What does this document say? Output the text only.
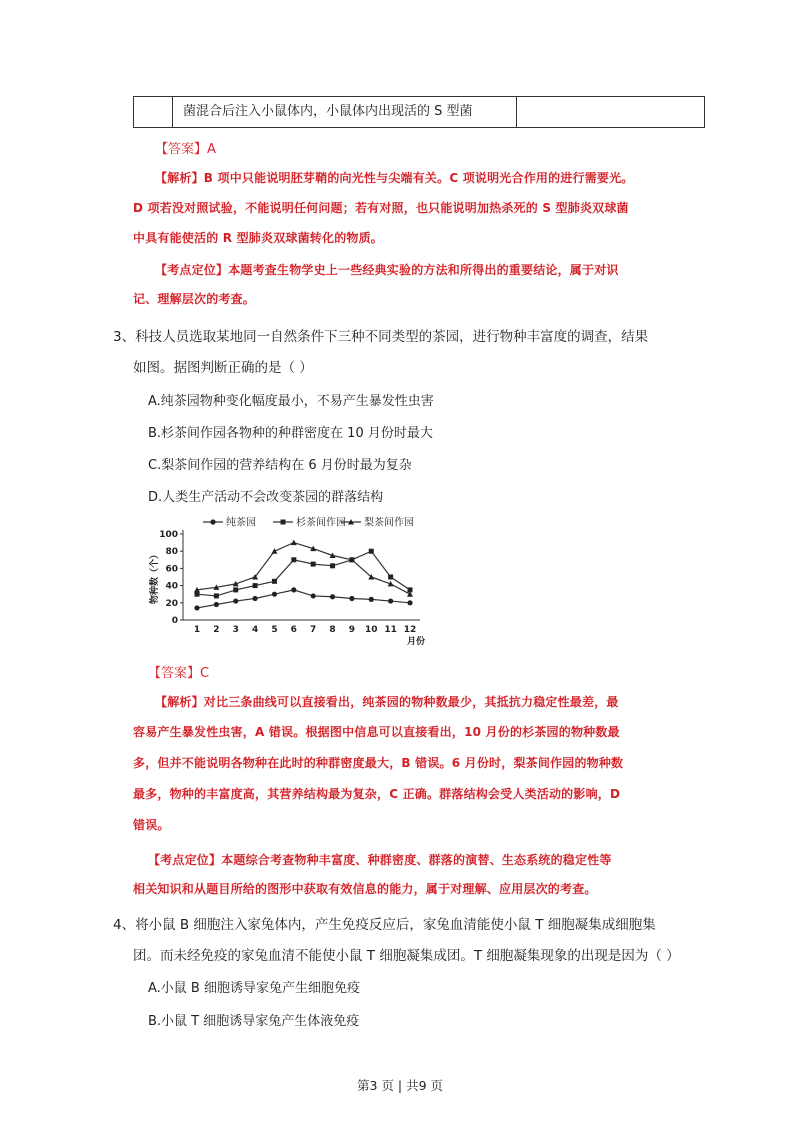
菌混合后注入小鼠体内，小鼠体内出现活的 S 型菌
【答案】A
【解析】B 项中只能说明胚芽鞘的向光性与尖端有关。C 项说明光合作用的进行需要光。
D 项若没对照试验，不能说明任何问题；若有对照，也只能说明加热杀死的 S 型肺炎双球菌
中具有能使活的 R 型肺炎双球菌转化的物质。
【考点定位】本题考查生物学史上一些经典实验的方法和所得出的重要结论，属于对识
记、理解层次的考查。
3、科技人员选取某地同一自然条件下三种不同类型的茶园，进行物种丰富度的调查，结果
如图。据图判断正确的是（ ）
A.纯茶园物种变化幅度最小，不易产生暴发性虫害
B.杉茶间作园各物种的种群密度在 10 月份时最大
C.梨茶间作园的营养结构在 6 月份时最为复杂
D.人类生产活动不会改变茶园的群落结构
0
20
40
60
80
100
1 2 3 4 5 6 7 8 9 10 11 12
月份
物种数（个）
纯茶园	杉茶间作园 梨茶间作园
【答案】C
【解析】对比三条曲线可以直接看出，纯茶园的物种数最少，其抵抗力稳定性最差，最
容易产生暴发性虫害，A 错误。根据图中信息可以直接看出，10 月份的杉茶园的物种数最
多，但并不能说明各物种在此时的种群密度最大，B 错误。6 月份时，梨茶间作园的物种数
最多，物种的丰富度高，其营养结构最为复杂，C 正确。群落结构会受人类活动的影响，D
错误。
【考点定位】本题综合考查物种丰富度、种群密度、群落的演替、生态系统的稳定性等
相关知识和从题目所给的图形中获取有效信息的能力，属于对理解、应用层次的考查。
4、将小鼠 B 细胞注入家兔体内，产生免疫反应后，家兔血清能使小鼠 T 细胞凝集成细胞集
团。而未经免疫的家兔血清不能使小鼠 T 细胞凝集成团。T 细胞凝集现象的出现是因为（ ）
A.小鼠 B 细胞诱导家兔产生细胞免疫
B.小鼠 T 细胞诱导家兔产生体液免疫
第3 页 | 共9 页
